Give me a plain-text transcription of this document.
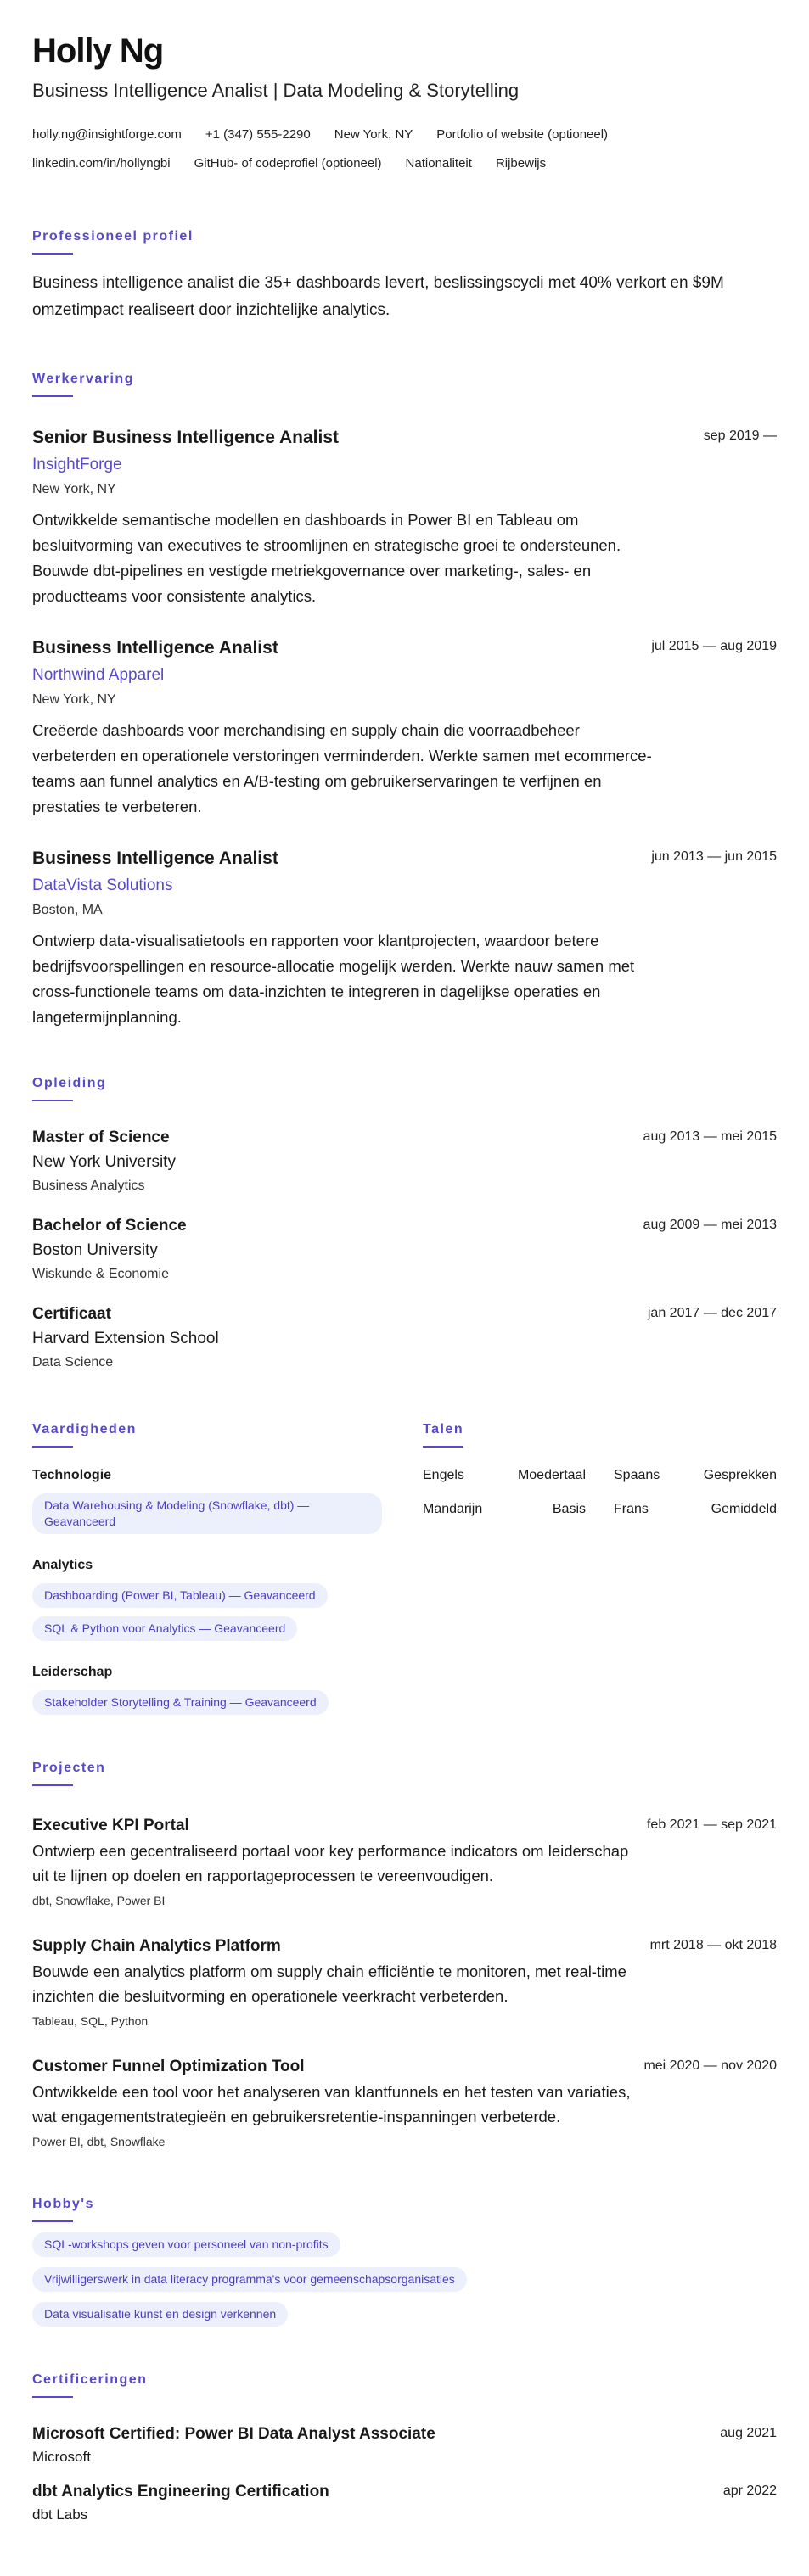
Holly Ng
Business Intelligence Analist | Data Modeling & Storytelling
holly.ng@insightforge.com +1 (347) 555-2290 New York, NY Portfolio of website (optioneel)
linkedin.com/in/hollyngbi GitHub- of codeprofiel (optioneel) Nationaliteit Rijbewijs
Professioneel profiel
Business intelligence analist die 35+ dashboards levert, beslissingscycli met 40% verkort en $9M omzetimpact realiseert door inzichtelijke analytics.
Werkervaring
Senior Business Intelligence Analist
InsightForge
New York, NY
Ontwikkelde semantische modellen en dashboards in Power BI en Tableau om besluitvorming van executives te stroomlijnen en strategische groei te ondersteunen. Bouwde dbt-pipelines en vestigde metriekgovernance over marketing-, sales- en productteams voor consistente analytics.
sep 2019 —
Business Intelligence Analist
Northwind Apparel
New York, NY
Creëerde dashboards voor merchandising en supply chain die voorraadbeheer verbeterden en operationele verstoringen verminderden. Werkte samen met ecommerce-teams aan funnel analytics en A/B-testing om gebruikerservaringen te verfijnen en prestaties te verbeteren.
jul 2015 — aug 2019
Business Intelligence Analist
DataVista Solutions
Boston, MA
Ontwierp data-visualisatietools en rapporten voor klantprojecten, waardoor betere bedrijfsvoorspellingen en resource-allocatie mogelijk werden. Werkte nauw samen met cross-functionele teams om data-inzichten te integreren in dagelijkse operaties en langetermijnplanning.
jun 2013 — jun 2015
Opleiding
Master of Science
New York University
Business Analytics
aug 2013 — mei 2015
Bachelor of Science
Boston University
Wiskunde & Economie
aug 2009 — mei 2013
Certificaat
Harvard Extension School
Data Science
jan 2017 — dec 2017
Vaardigheden
Technologie
Data Warehousing & Modeling (Snowflake, dbt) — Geavanceerd
Analytics
Dashboarding (Power BI, Tableau) — Geavanceerd
SQL & Python voor Analytics — Geavanceerd
Leiderschap
Stakeholder Storytelling & Training — Geavanceerd
Talen
Engels	Moedertaal Spaans	Gesprekken
Mandarijn	Basis Frans	Gemiddeld
Projecten
Executive KPI Portal
Ontwierp een gecentraliseerd portaal voor key performance indicators om leiderschap uit te lijnen op doelen en rapportageprocessen te vereenvoudigen.
dbt, Snowflake, Power BI
feb 2021 — sep 2021
Supply Chain Analytics Platform
Bouwde een analytics platform om supply chain efficiëntie te monitoren, met real-time inzichten die besluitvorming en operationele veerkracht verbeterden.
Tableau, SQL, Python
mrt 2018 — okt 2018
Customer Funnel Optimization Tool
Ontwikkelde een tool voor het analyseren van klantfunnels en het testen van variaties, wat engagementstrategieën en gebruikersretentie-inspanningen verbeterde.
Power BI, dbt, Snowflake
mei 2020 — nov 2020
Hobby's
SQL-workshops geven voor personeel van non-profits
Vrijwilligerswerk in data literacy programma's voor gemeenschapsorganisaties
Data visualisatie kunst en design verkennen
Certificeringen
Microsoft Certified: Power BI Data Analyst Associate
Microsoft
aug 2021
dbt Analytics Engineering Certification
dbt Labs
apr 2022
